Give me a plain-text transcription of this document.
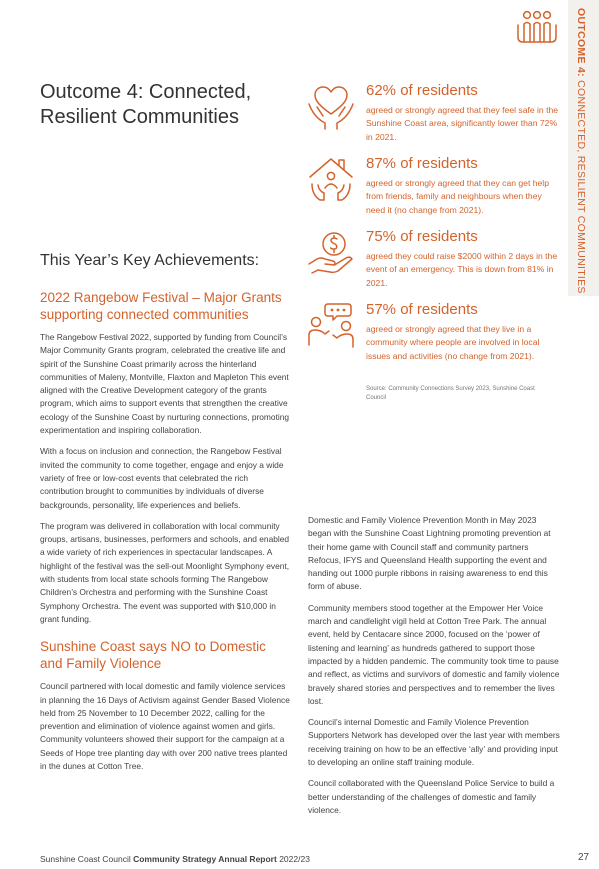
OUTCOME 4: CONNECTED, RESILIENT COMMUNITIES
Outcome 4: Connected, Resilient Communities
This Year’s Key Achievements:
62% of residents

agreed or strongly agreed that they feel safe in the Sunshine Coast area, significantly lower than 72% in 2021.

87% of residents

agreed or strongly agreed that they can get help from friends, family and neighbours when they need it (no change from 2021).

75% of residents

agreed they could raise $2000 within 2 days in the event of an emergency. This is down from 81% in 2021.

57% of residents

agreed or strongly agreed that they live in a community where people are involved in local issues and activities (no change from 2021).

Source: Community Connections Survey 2023, Sunshine Coast Council
2022 Rangebow Festival – Major Grants supporting connected communities

The Rangebow Festival 2022, supported by funding from Council’s Major Community Grants program, celebrated the creative life and spirit of the Sunshine Coast primarily across the hinterland communities of Maleny, Montville, Flaxton and Mapleton This event aligned with the Creative Development category of the grants program, which aims to support events that strengthen the creative ecology of the Sunshine Coast by nurturing connections, promoting experimentation and inspiring collaboration.

With a focus on inclusion and connection, the Rangebow Festival invited the community to come together, engage and enjoy a wide variety of free or low-cost events that celebrated the rich contribution brought to communities by individuals of diverse backgrounds, personality, life experiences and beliefs.

The program was delivered in collaboration with local community groups, artisans, businesses, performers and schools, and enabled a wide variety of rich experiences in spectacular landscapes. A highlight of the festival was the sell-out Moonlight Symphony event, with students from local state schools forming The Rangebow Children’s Orchestra and performing with the Sunshine Coast Symphony Orchestra. The event was supported with $10,000 in grant funding.

Sunshine Coast says NO to Domestic and Family Violence

Council partnered with local domestic and family violence services in planning the 16 Days of Activism against Gender Based Violence held from 25 November to 10 December 2022, calling for the prevention and elimination of violence against women and girls. Community volunteers showed their support for the campaign at a Seeds of Hope tree planting day with over 200 native trees planted in the dunes at Cotton Tree.

Domestic and Family Violence Prevention Month in May 2023 began with the Sunshine Coast Lightning promoting prevention at their home game with Council staff and community partners Refocus, IFYS and Queensland Health supporting the event and handing out 1000 purple ribbons in raising awareness to end this form of abuse.

Community members stood together at the Empower Her Voice march and candlelight vigil held at Cotton Tree Park. The annual event, held by Centacare since 2000, focused on the ‘power of listening and learning’ as hundreds gathered to support those impacted by a hidden pandemic. The community took time to pause and reflect, as victims and survivors of domestic and family violence bravely shared stories and perspectives and to remember the lives lost.

Council’s internal Domestic and Family Violence Prevention Supporters Network has developed over the last year with members receiving training on how to be an effective ‘ally’ and providing input to developing an online staff training module.

Council collaborated with the Queensland Police Service to build a better understanding of the challenges of domestic and family violence.

Sunshine Coast Council Community Strategy Annual Report 2022/23	27
